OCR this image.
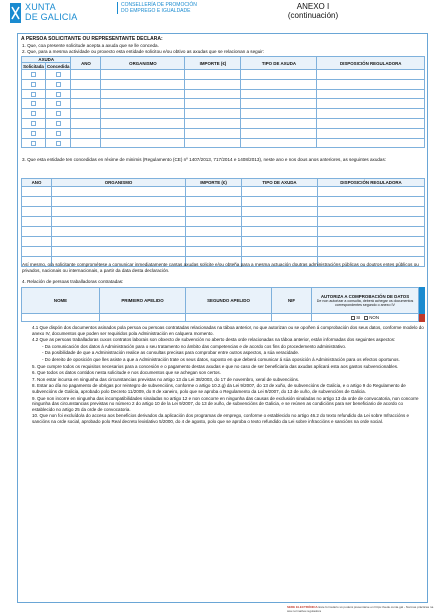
XUNTA
DE GALICIA
CONSELLERÍA DE PROMOCIÓN DO EMPREGO E IGUALDADE	ANEXO I
(continuación)
A PERSOA SOLICITANTE OU REPRESENTANTE DECLARA:
1. Que, coa presente solicitude acepta a axuda que se lle conceda.
2. Que, para a mesma actividade ou proxecto esta entidade solicitou e/ou obtivo as axudas que se relacionan a seguir:
AXUDA		ANO	ORGANISMO	IMPORTE (€)	TIPO DE AXUDA	DISPOSICIÓN REGULADORA
Solicitada	Concedida					

3. Que esta entidade ten concedidas en réxime de minimis (Regulamento (CE) nº 1407/2013, 717/2014 e 1408/2013), neste ano e nos dous anos anteriores, as seguintes axudas:
ANO	ORGANISMO	IMPORTE (€)	TIPO DE AXUDA	DISPOSICIÓN REGULADORA

Así mesmo, o/a solicitante comprométese a comunicar inmediatamente cantas axudas solicite e/ou obteña para a mesma actuación doutras administracións públicas ou doutros entes públicos ou privados, nacionais ou internacionais, a partir da data desta declaración.
4. Relación de persoas traballadoras contratadas:
NOME	PRIMEIRO APELIDO	SEGUNDO APELIDO	NIF	AUTORIZA A COMPROBACIÓN DE DATOS
De non autorizar a consulta, deberá achegar os documentos correspondentes segundo o anexo IV	

				SI NON	

4.1 Que dispón dos documentos asinados pola persoa ou persoas contratadas relacionadas na táboa anterior, no que autorizan ou se opoñen á comprobación dos seus datos, conforme modelo do anexo IV, documentos que poden ser requiridos pola Administración en calquera momento.

4.2 Que as persoas traballadoras cuxos contratos laborais son obxecto de subvención no aberto desta orde relacionadas na táboa anterior, están informadas dos seguintes aspectos:

- Da comunicación dos datos á Administración para o seu tratamento no ámbito das competencias e de acordo cos fins do procedemento administrativo.

- Da posibilidade de que a Administración realice as consultas precisas para comprobar entre outros aspectos, a súa veracidade.

- Do dereito de oposición que lles asiste a que a Administración trate os seus datos, suposto en que deberá comunicar á súa oposición á Administración para os efectos oportunos.

5. Que cumpre todos os requisitos necesarios para a concesión e o pagamento destas axudas e que no caso de ser beneficiaria das axudas aplicará esta aos gastos subvencionables.

6. Que todos os datos contidos nesta solicitude e nos documentos que se achegan son certos.

7. Non estar incursa en ningunha das circunstancias previstas no artigo 13 da Lei 38/2003, do 17 de novembro, xeral de subvencións.

8. Estar ao día no pagamento de obrigas por reintegro de subvencións, conforme o artigo 10.2.g) da Lei 9/2007, do 13 de xuño, de subvencións de Galicia, e o artigo 9 do Regulamento de subvencións de Galicia, aprobado polo Decreto 11/2009, do 8 de xaneiro, polo que se aproba o Regulamento da Lei 9/2007, do 13 de xuño, de subvencións de Galicia.

9. Que non incorre en ningunha das incompatibilidades sinaladas no artigo 12 e non concorre en ningunha das causas de exclusión sinaladas no artigo 13 da orde de convocatoria, non concorre ningunha das circunstancias previstas no número 2 do artigo 10 de la Lei 9/2007, do 13 de xuño, de subvencións de Galicia, e se reúnen as condicións para ser beneficiario de acordo co establecido no artigo 25 da orde de convocatoria.

10. Que non foi excluído/a do acceso aos beneficios derivados da aplicación dos programas de emprego, conforme o establecido no artigo 46.2 do texto refundido da Lei sobre Infraccións e sancións na orde social, aprobado polo Real decreto lexislativo 5/2000, do 4 de agosto, polo que se aproba o texto refundido da Lei sobre infraccións e sancións na orde social.

SEDE ELECTRÓNICA Este formulario só poderá presentarse en https://sede.xunta.gal - Normas prácticas na súa normativa reguladora
